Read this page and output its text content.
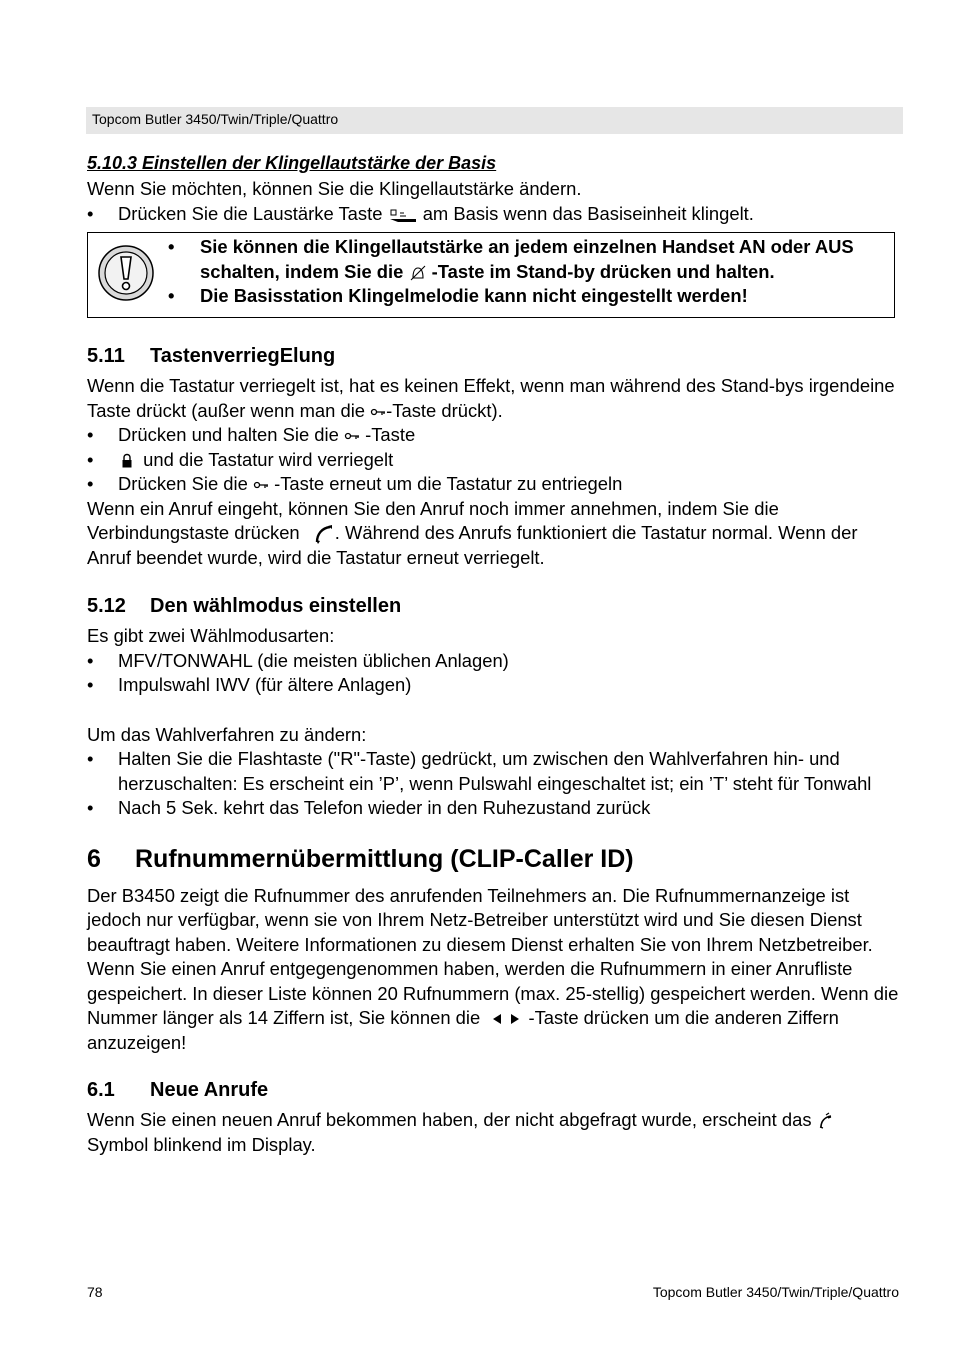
Topcom Butler 3450/Twin/Triple/Quattro

5.10.3 Einstellen der Klingellautstärke der Basis

Wenn Sie möchten, können Sie die Klingellautstärke ändern.

•	Drücken Sie die Laustärke Taste am Basis wenn das Basiseinheit klingelt.
•	Sie können die Klingellautstärke an jedem einzelnen Handset AN oder AUS schalten, indem Sie die -Taste im Stand-by drücken und halten.
•	Die Basisstation Klingelmelodie kann nicht eingestellt werden!
5.11	TastenverriegElung

Wenn die Tastatur verriegelt ist, hat es keinen Effekt, wenn man während des Stand-bys irgendeine Taste drückt (außer wenn man die -Taste drückt).

•	Drücken und halten Sie die -Taste
•	und die Tastatur wird verriegelt
•	Drücken Sie die -Taste erneut um die Tastatur zu entriegeln

Wenn ein Anruf eingeht, können Sie den Anruf noch immer annehmen, indem Sie die Verbindungstaste drücken . Während des Anrufs funktioniert die Tastatur normal. Wenn der Anruf beendet wurde, wird die Tastatur erneut verriegelt.

5.12	Den wählmodus einstellen

Es gibt zwei Wählmodusarten:

•	MFV/TONWAHL (die meisten üblichen Anlagen)
•	Impulswahl IWV (für ältere Anlagen)

Um das Wahlverfahren zu ändern:

•	Halten Sie die Flashtaste ("R"-Taste) gedrückt, um zwischen den Wahlverfahren hin- und herzuschalten: Es erscheint ein ’P’, wenn Pulswahl eingeschaltet ist; ein ’T’ steht für Tonwahl
•	Nach 5 Sek. kehrt das Telefon wieder in den Ruhezustand zurück
6	Rufnummernübermittlung (CLIP-Caller ID)

Der B3450 zeigt die Rufnummer des anrufenden Teilnehmers an. Die Rufnummernanzeige ist jedoch nur verfügbar, wenn sie von Ihrem Netz-Betreiber unterstützt wird und Sie diesen Dienst beauftragt haben. Weitere Informationen zu diesem Dienst erhalten Sie von Ihrem Netzbetreiber. Wenn Sie einen Anruf entgegengenommen haben, werden die Rufnummern in einer Anrufliste gespeichert. In dieser Liste können 20 Rufnummern (max. 25-stellig) gespeichert werden. Wenn die Nummer länger als 14 Ziffern ist, Sie können die	-Taste drücken um die anderen Ziffern anzuzeigen!

6.1	Neue Anrufe

Wenn Sie einen neuen Anruf bekommen haben, der nicht abgefragt wurde, erscheint das
Symbol blinkend im Display.

78	Topcom Butler 3450/Twin/Triple/Quattro
